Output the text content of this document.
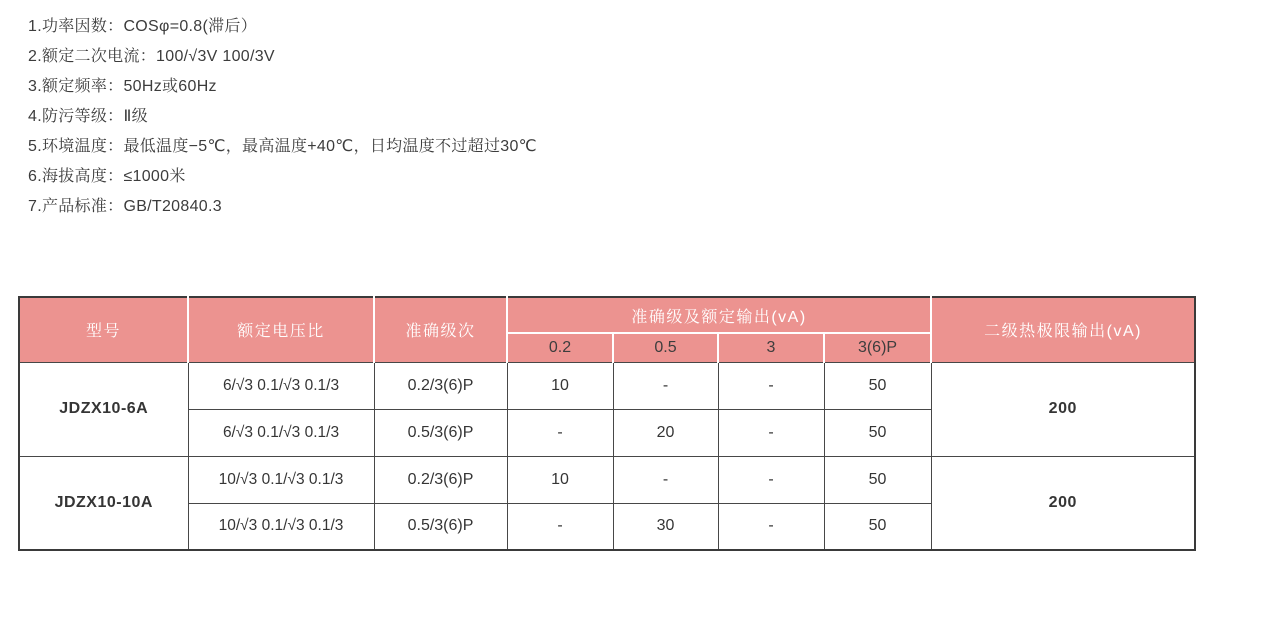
1.功率因数：COSφ=0.8(滞后）
2.额定二次电流：100/√3V 100/3V
3.额定频率：50Hz或60Hz
4.防污等级：Ⅱ级
5.环境温度：最低温度−5℃，最高温度+40℃，日均温度不过超过30℃
6.海拔高度：≤1000米
7.产品标准：GB/T20840.3
型号	额定电压比	准确级次	准确级及额定输出(vA)				二级热极限输出(vA)
			0.2	0.5	3	3(6)P	
JDZX10-6A	6/√3 0.1/√3 0.1/3	0.2/3(6)P	10	-	-	50	200
	6/√3 0.1/√3 0.1/3	0.5/3(6)P	-	20	-	50	
JDZX10-10A	10/√3 0.1/√3 0.1/3	0.2/3(6)P	10	-	-	50	200
	10/√3 0.1/√3 0.1/3	0.5/3(6)P	-	30	-	50	
